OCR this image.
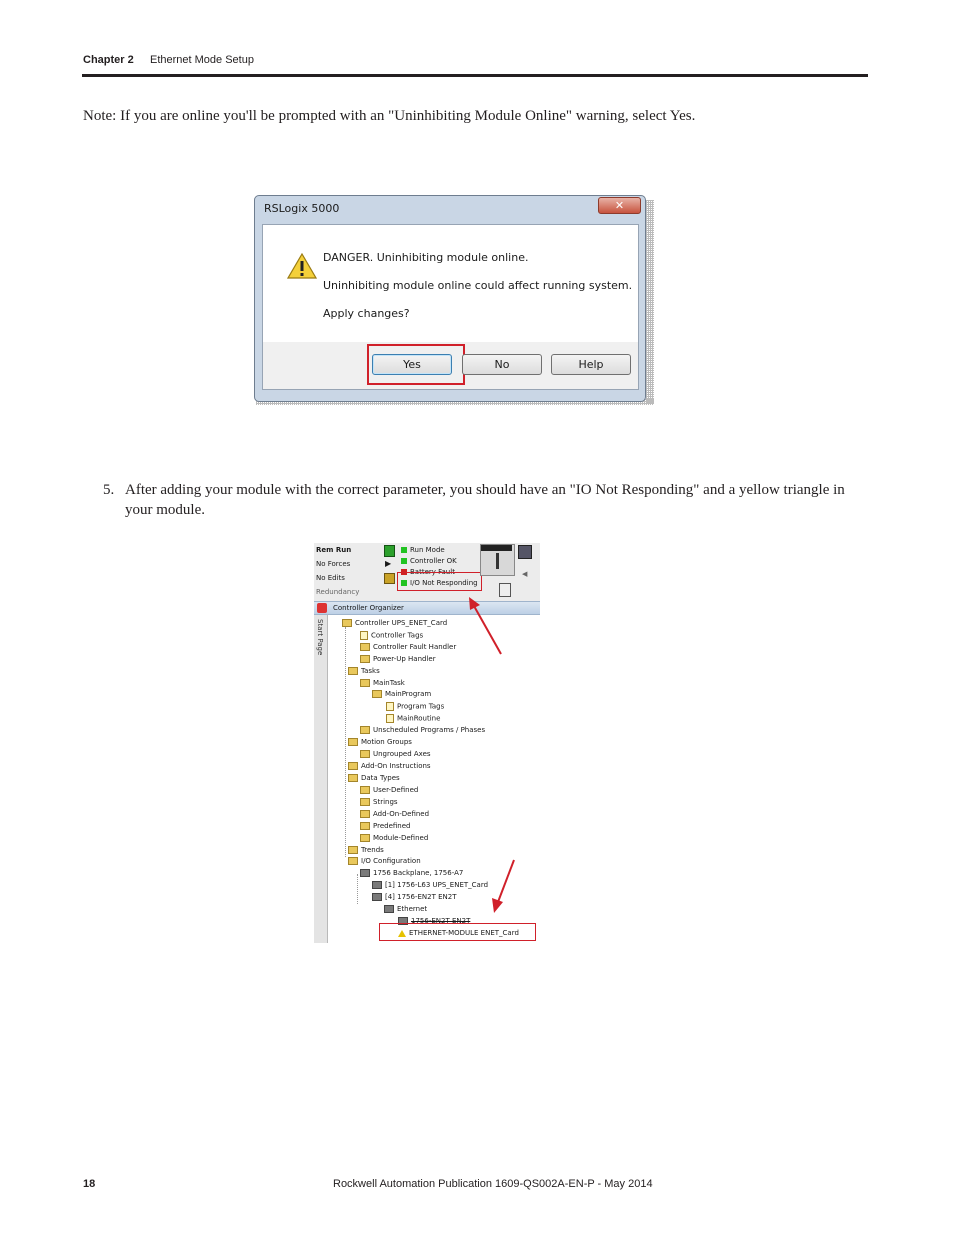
Chapter 2 Ethernet Mode Setup
Note: If you are online you'll be prompted with an "Uninhibiting Module Online" warning, select Yes.
RSLogix 5000	✕
DANGER. Uninhibiting module online.
Uninhibiting module online could affect running system.
Apply changes?
Yes	No	Help
5. After adding your module with the correct parameter, you should have an "IO Not Responding" and a yellow triangle in your module.
Rem Run
No Forces
No Edits
Redundancy
▶
Run Mode
Controller OK
Battery Fault
I/O Not Responding
◀
Controller Organizer
Start Page	Controller UPS_ENET_Card
Controller Tags
Controller Fault Handler
Power-Up Handler
Tasks
MainTask
MainProgram
Program Tags
MainRoutine
Unscheduled Programs / Phases
Motion Groups
Ungrouped Axes
Add-On Instructions
Data Types
User-Defined
Strings
Add-On-Defined
Predefined
Module-Defined
Trends
I/O Configuration
1756 Backplane, 1756-A7
[1] 1756-L63 UPS_ENET_Card
[4] 1756-EN2T EN2T
Ethernet
1756-EN2T EN2T
ETHERNET-MODULE ENET_Card
18	Rockwell Automation Publication 1609-QS002A-EN-P - May 2014
